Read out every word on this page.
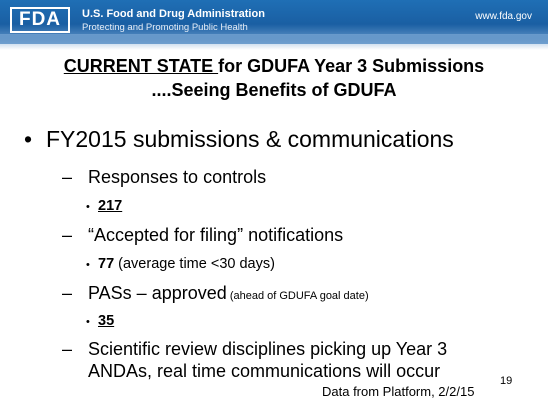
FDA U.S. Food and Drug Administration
Protecting and Promoting Public Health
www.fda.gov
CURRENT STATE for GDUFA Year 3 Submissions
....Seeing Benefits of GDUFA
• FY2015 submissions & communications
– Responses to controls
• 217
– “Accepted for filing” notifications
• 77 (average time <30 days)
– PASs – approved (ahead of GDUFA goal date)
• 35
– Scientific review disciplines picking up Year 3
ANDAs, real time communications will occur
Data from Platform, 2/2/15
19
